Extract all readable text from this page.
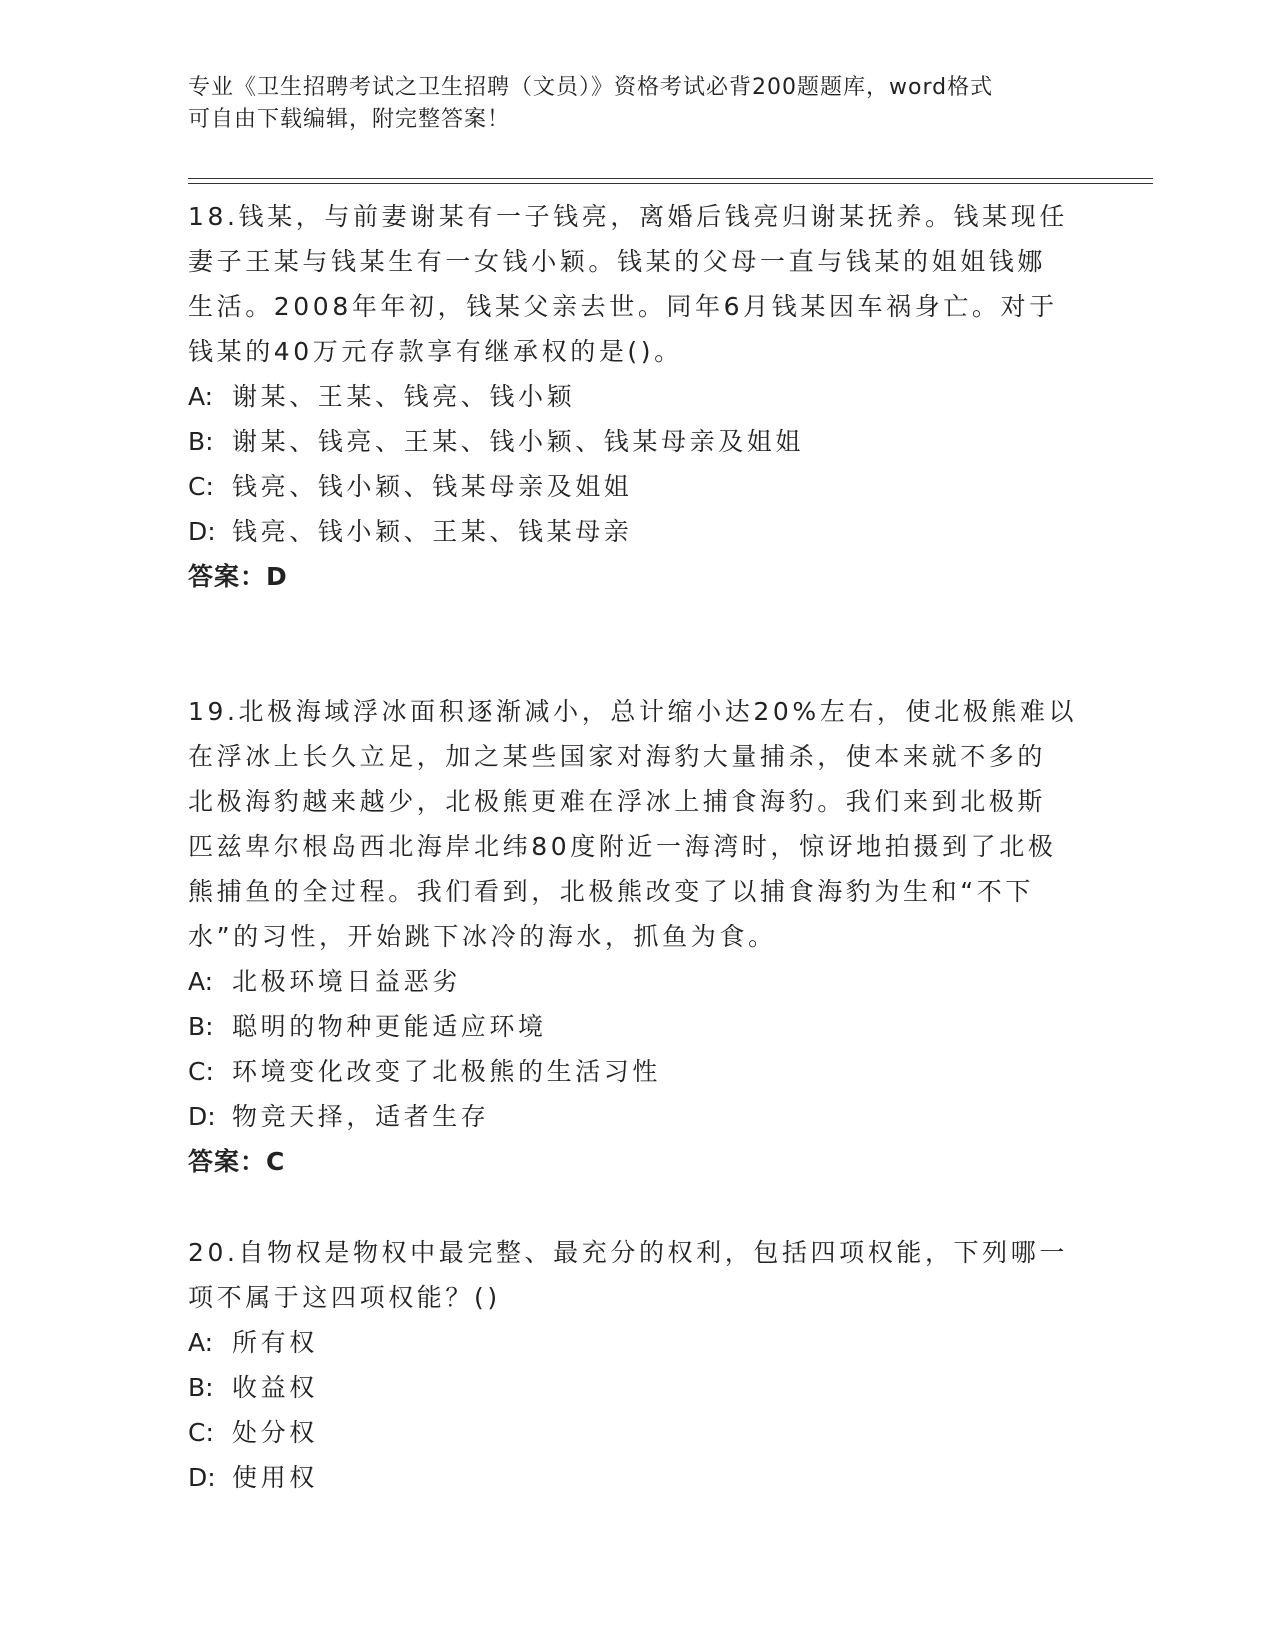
专业《卫生招聘考试之卫生招聘（文员）》资格考试必背200题题库，word格式

可自由下载编辑，附完整答案！

18.钱某，与前妻谢某有一子钱亮，离婚后钱亮归谢某抚养。钱某现任

妻子王某与钱某生有一女钱小颖。钱某的父母一直与钱某的姐姐钱娜

生活。2008年年初，钱某父亲去世。同年6月钱某因车祸身亡。对于

钱某的40万元存款享有继承权的是()。

A: 谢某、王某、钱亮、钱小颖

B: 谢某、钱亮、王某、钱小颖、钱某母亲及姐姐

C: 钱亮、钱小颖、钱某母亲及姐姐

D: 钱亮、钱小颖、王某、钱某母亲

答案：D

19.北极海域浮冰面积逐渐减小，总计缩小达20%左右，使北极熊难以

在浮冰上长久立足，加之某些国家对海豹大量捕杀，使本来就不多的

北极海豹越来越少，北极熊更难在浮冰上捕食海豹。我们来到北极斯

匹兹卑尔根岛西北海岸北纬80度附近一海湾时，惊讶地拍摄到了北极

熊捕鱼的全过程。我们看到，北极熊改变了以捕食海豹为生和“不下

水”的习性，开始跳下冰冷的海水，抓鱼为食。

A: 北极环境日益恶劣

B: 聪明的物种更能适应环境

C: 环境变化改变了北极熊的生活习性

D: 物竞天择，适者生存

答案：C

20.自物权是物权中最完整、最充分的权利，包括四项权能，下列哪一

项不属于这四项权能？()

A: 所有权

B: 收益权

C: 处分权

D: 使用权
